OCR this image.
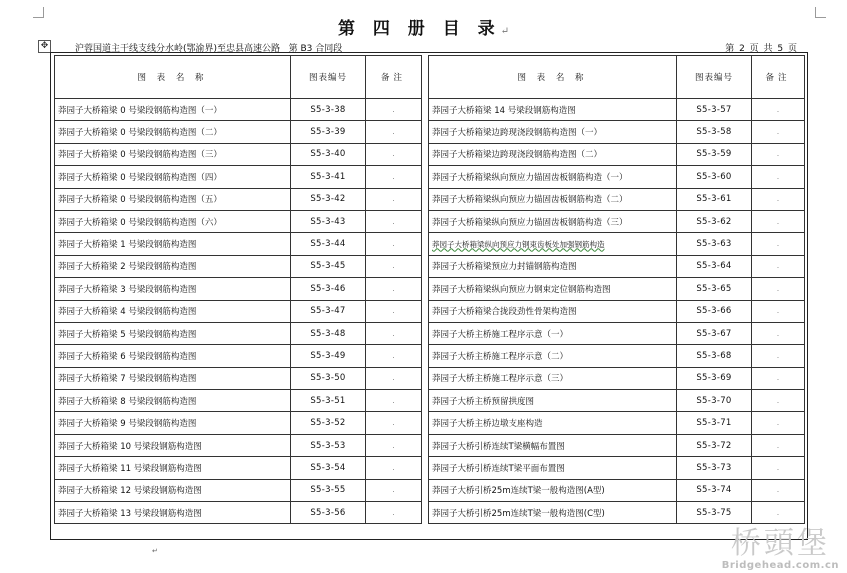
第 四 册 目 录↵
✥	沪蓉国道主干线支线分水岭(鄂渝界)至忠县高速公路 第 B3 合同段	第 2 页 共 5 页
图 表 名 称	图表编号	备注
莽园子大桥箱梁 0 号梁段钢筋构造图（一）	S5-3-38	.
莽园子大桥箱梁 0 号梁段钢筋构造图（二）	S5-3-39	.
莽园子大桥箱梁 0 号梁段钢筋构造图（三）	S5-3-40	.
莽园子大桥箱梁 0 号梁段钢筋构造图（四）	S5-3-41	.
莽园子大桥箱梁 0 号梁段钢筋构造图（五）	S5-3-42	.
莽园子大桥箱梁 0 号梁段钢筋构造图（六）	S5-3-43	.
莽园子大桥箱梁 1 号梁段钢筋构造图	S5-3-44	.
莽园子大桥箱梁 2 号梁段钢筋构造图	S5-3-45	.
莽园子大桥箱梁 3 号梁段钢筋构造图	S5-3-46	.
莽园子大桥箱梁 4 号梁段钢筋构造图	S5-3-47	.
莽园子大桥箱梁 5 号梁段钢筋构造图	S5-3-48	.
莽园子大桥箱梁 6 号梁段钢筋构造图	S5-3-49	.
莽园子大桥箱梁 7 号梁段钢筋构造图	S5-3-50	.
莽园子大桥箱梁 8 号梁段钢筋构造图	S5-3-51	.
莽园子大桥箱梁 9 号梁段钢筋构造图	S5-3-52	.
莽园子大桥箱梁 10 号梁段钢筋构造图	S5-3-53	.
莽园子大桥箱梁 11 号梁段钢筋构造图	S5-3-54	.
莽园子大桥箱梁 12 号梁段钢筋构造图	S5-3-55	.
莽园子大桥箱梁 13 号梁段钢筋构造图	S5-3-56	.
图 表 名 称	图表编号	备注
莽园子大桥箱梁 14 号梁段钢筋构造图	S5-3-57	.
莽园子大桥箱梁边跨现浇段钢筋构造图（一）	S5-3-58	.
莽园子大桥箱梁边跨现浇段钢筋构造图（二）	S5-3-59	.
莽园子大桥箱梁纵向预应力锚固齿板钢筋构造（一）	S5-3-60	.
莽园子大桥箱梁纵向预应力锚固齿板钢筋构造（二）	S5-3-61	.
莽园子大桥箱梁纵向预应力锚固齿板钢筋构造（三）	S5-3-62	.
莽园子大桥箱梁纵向预应力钢束齿板处加强钢筋构造	S5-3-63	.
莽园子大桥箱梁预应力封锚钢筋构造图	S5-3-64	.
莽园子大桥箱梁纵向预应力钢束定位钢筋构造图	S5-3-65	.
莽园子大桥箱梁合拢段劲性骨架构造图	S5-3-66	.
莽园子大桥主桥施工程序示意（一）	S5-3-67	.
莽园子大桥主桥施工程序示意（二）	S5-3-68	.
莽园子大桥主桥施工程序示意（三）	S5-3-69	.
莽园子大桥主桥预留拱度图	S5-3-70	.
莽园子大桥主桥边墩支座构造	S5-3-71	.
莽园子大桥引桥连续T梁横幅布置图	S5-3-72	.
莽园子大桥引桥连续T梁平面布置图	S5-3-73	.
莽园子大桥引桥25m连续T梁一般构造图(A型)	S5-3-74	.
莽园子大桥引桥25m连续T梁一般构造图(C型)	S5-3-75	.
↵	桥頭堡
Bridgehead.com.cn
